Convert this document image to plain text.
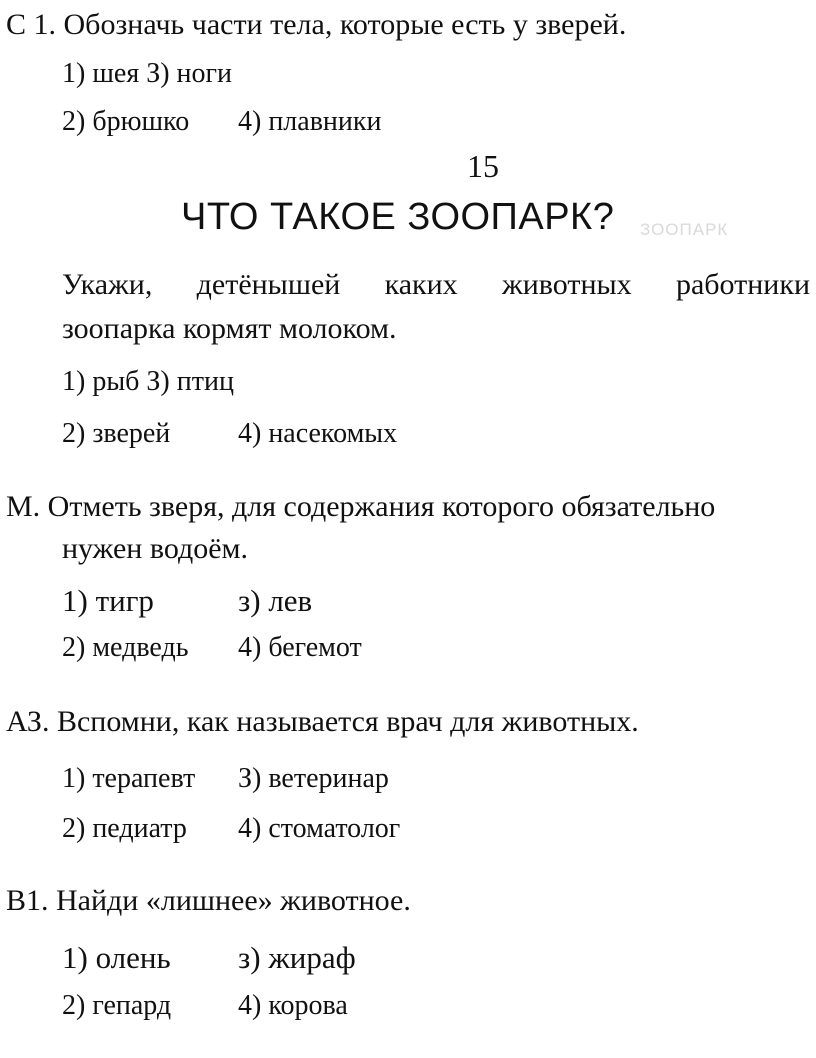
С 1. Обозначь части тела, которые есть у зверей.
1) шея З) ноги
2) брюшко 4) плавники
15
ЧТО ТАКОЕ ЗООПАРК? ЗООПАРК
Укажи, детёнышей каких животных работники
зоопарка кормят молоком.
1) рыб З) птиц
2) зверей 4) насекомых
М. Отметь зверя, для содержания которого обязательно
нужен водоём.
1) тигр	з) лев
2) медведь 4) бегемот
АЗ. Вспомни, как называется врач для животных.
1) терапевт З) ветеринар
2) педиатр 4) стоматолог
В1. Найди «лишнее» животное.
1) олень з) жираф
2) гепард 4) корова
